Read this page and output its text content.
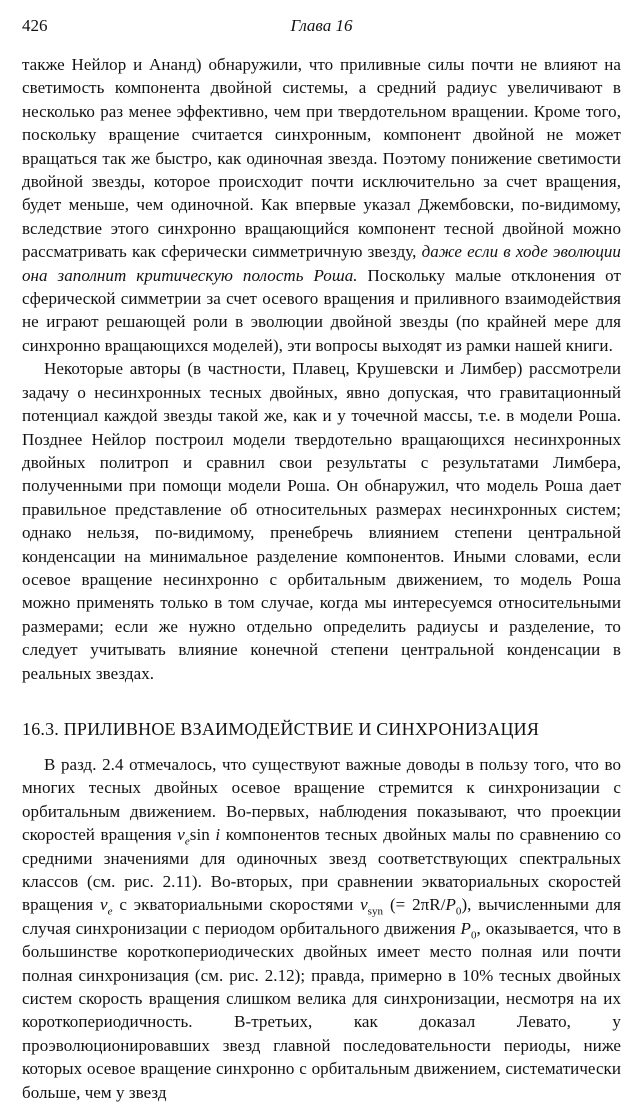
426	Глава 16

также Нейлор и Ананд) обнаружили, что приливные силы почти не влияют на светимость компонента двойной системы, а средний радиус увеличивают в несколько раз менее эффективно, чем при твердотельном вращении. Кроме того, поскольку вращение считается синхронным, компонент двойной не может вращаться так же быстро, как одиночная звезда. Поэтому понижение светимости двойной звезды, которое происходит почти исключительно за счет вращения, будет меньше, чем одиночной. Как впервые указал Джембовски, по-видимому, вследствие этого синхронно вращающийся компонент тесной двойной можно рассматривать как сферически симметричную звезду, даже если в ходе эволюции она заполнит критическую полость Роша. Поскольку малые отклонения от сферической симметрии за счет осевого вращения и приливного взаимодействия не играют решающей роли в эволюции двойной звезды (по крайней мере для синхронно вращающихся моделей), эти вопросы выходят из рамки нашей книги.

Некоторые авторы (в частности, Плавец, Крушевски и Лимбер) рассмотрели задачу о несинхронных тесных двойных, явно допуская, что гравитационный потенциал каждой звезды такой же, как и у точечной массы, т.е. в модели Роша. Позднее Нейлор построил модели твердотельно вращающихся несинхронных двойных политроп и сравнил свои результаты с результатами Лимбера, полученными при помощи модели Роша. Он обнаружил, что модель Роша дает правильное представление об относительных размерах несинхронных систем; однако нельзя, по-видимому, пренебречь влиянием степени центральной конденсации на минимальное разделение компонентов. Иными словами, если осевое вращение несинхронно с орбитальным движением, то модель Роша можно применять только в том случае, когда мы интересуемся относительными размерами; если же нужно отдельно определить радиусы и разделение, то следует учитывать влияние конечной степени центральной конденсации в реальных звездах.

16.3. ПРИЛИВНОЕ ВЗАИМОДЕЙСТВИЕ И СИНХРОНИЗАЦИЯ

В разд. 2.4 отмечалось, что существуют важные доводы в пользу того, что во многих тесных двойных осевое вращение стремится к синхронизации с орбитальным движением. Во-первых, наблюдения показывают, что проекции скоростей вращения $v_e\sin$ i компонентов тесных двойных малы по сравнению со средними значениями для одиночных звезд соответствующих спектральных классов (см. рис. 2.11). Во-вторых, при сравнении экваториальных скоростей вращения $v_e$ с экваториальными скоростями $v_{syn}$ (= $2\pi R/P_0$), вычисленными для случая синхронизации с периодом орбитального движения $P_0$, оказывается, что в большинстве короткопериодических двойных имеет место полная или почти полная синхронизация (см. рис. 2.12); правда, примерно в 10% тесных двойных систем скорость вращения слишком велика для синхронизации, несмотря на их короткопериодичность. В-третьих, как доказал Левато, у проэволюционировавших звезд главной последовательности периоды, ниже которых осевое вращение синхронно с орбитальным движением, систематически больше, чем у звезд
